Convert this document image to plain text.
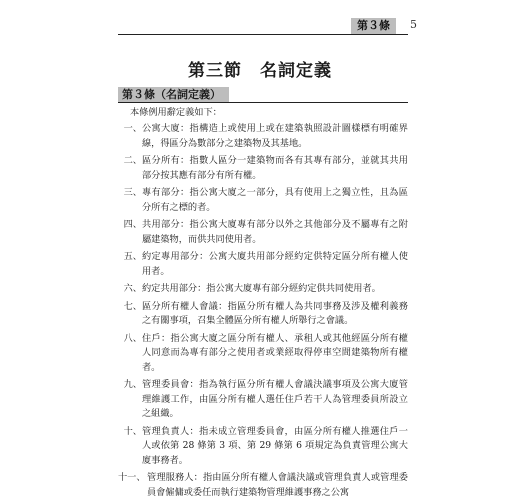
第３條	5
第三節　名詞定義
第３條（名詞定義）
本條例用辭定義如下：
一、 公寓大廈：指構造上或使用上或在建築執照設計圖樣標有明確界線，得區分為數部分之建築物及其基地。
二、 區分所有：指數人區分一建築物而各有其專有部分，並就其共用部分按其應有部分有所有權。
三、 專有部分：指公寓大廈之一部分，具有使用上之獨立性，且為區分所有之標的者。
四、 共用部分：指公寓大廈專有部分以外之其他部分及不屬專有之附屬建築物，而供共同使用者。
五、 約定專用部分：公寓大廈共用部分經約定供特定區分所有權人使用者。
六、 約定共用部分：指公寓大廈專有部分經約定供共同使用者。
七、 區分所有權人會議：指區分所有權人為共同事務及涉及權利義務之有關事項，召集全體區分所有權人所舉行之會議。
八、 住戶：指公寓大廈之區分所有權人、承租人或其他經區分所有權人同意而為專有部分之使用者或業經取得停車空間建築物所有權者。
九、 管理委員會：指為執行區分所有權人會議決議事項及公寓大廈管理維護工作，由區分所有權人選任住戶若干人為管理委員所設立之組織。
十、 管理負責人：指未成立管理委員會，由區分所有權人推選住戶一人或依第 28 條第 3 項、第 29 條第 6 項規定為負責管理公寓大廈事務者。
十一、 管理服務人：指由區分所有權人會議決議或管理負責人或管理委員會僱傭或委任而執行建築物管理維護事務之公寓
